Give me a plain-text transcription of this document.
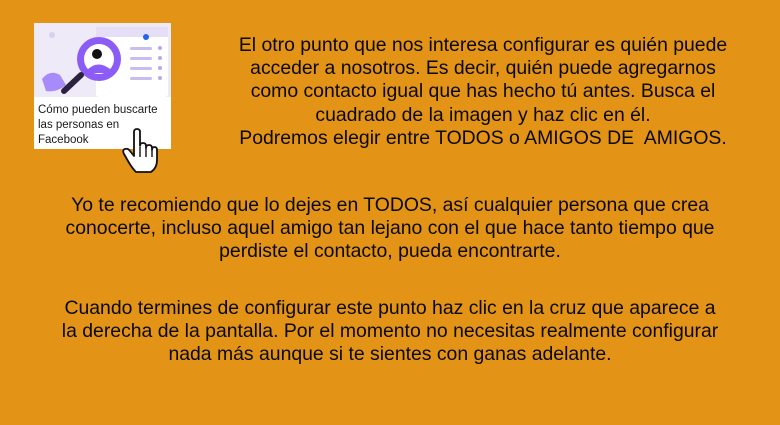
Cómo pueden buscarte las personas en Facebook

El otro punto que nos interesa configurar es quién puede
acceder a nosotros. Es decir, quién puede agregarnos
como contacto igual que has hecho tú antes. Busca el
cuadrado de la imagen y haz clic en él.
Podremos elegir entre TODOS o AMIGOS DE  AMIGOS.

Yo te recomiendo que lo dejes en TODOS, así cualquier persona que crea
conocerte, incluso aquel amigo tan lejano con el que hace tanto tiempo que
perdiste el contacto, pueda encontrarte.

Cuando termines de configurar este punto haz clic en la cruz que aparece a
la derecha de la pantalla. Por el momento no necesitas realmente configurar
nada más aunque si te sientes con ganas adelante.
